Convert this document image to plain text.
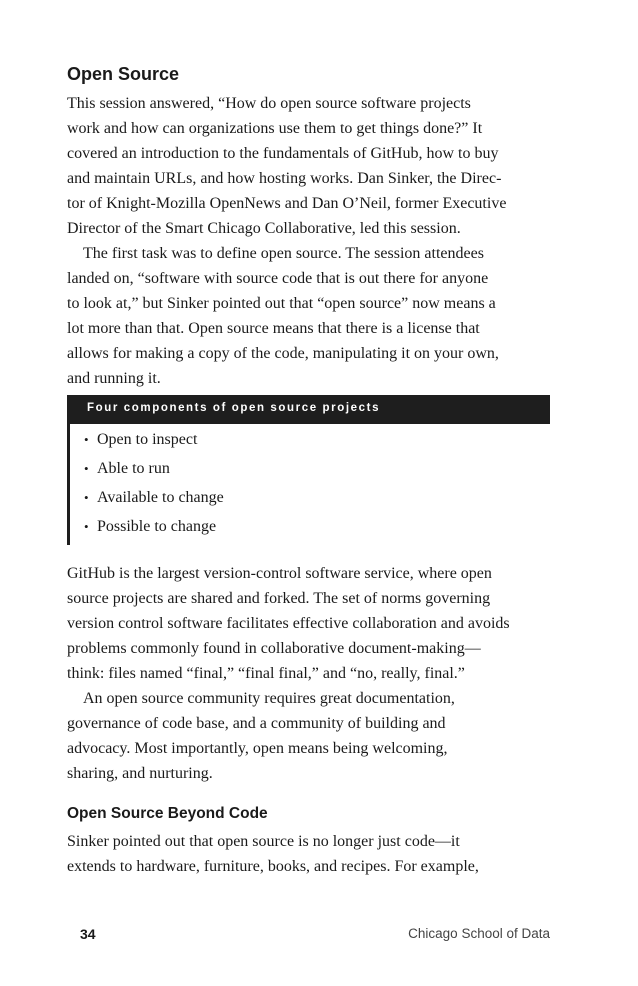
Open Source
This session answered, “How do open source software projects
work and how can organizations use them to get things done?” It
covered an introduction to the fundamentals of GitHub, how to buy
and maintain URLs, and how hosting works. Dan Sinker, the Direc-
tor of Knight-Mozilla OpenNews and Dan O’Neil, former Executive
Director of the Smart Chicago Collaborative, led this session.
 The first task was to define open source. The session attendees
landed on, “software with source code that is out there for anyone
to look at,” but Sinker pointed out that “open source” now means a
lot more than that. Open source means that there is a license that
allows for making a copy of the code, manipulating it on your own,
and running it.
Four components of open source projects
• Open to inspect
• Able to run
• Available to change
• Possible to change
GitHub is the largest version-control software service, where open
source projects are shared and forked. The set of norms governing
version control software facilitates effective collaboration and avoids
problems commonly found in collaborative document-making—
think: files named “final,” “final final,” and “no, really, final.”
 An open source community requires great documentation,
governance of code base, and a community of building and
advocacy. Most importantly, open means being welcoming,
sharing, and nurturing.
Open Source Beyond Code
Sinker pointed out that open source is no longer just code—it
extends to hardware, furniture, books, and recipes. For example,
34	Chicago School of Data
